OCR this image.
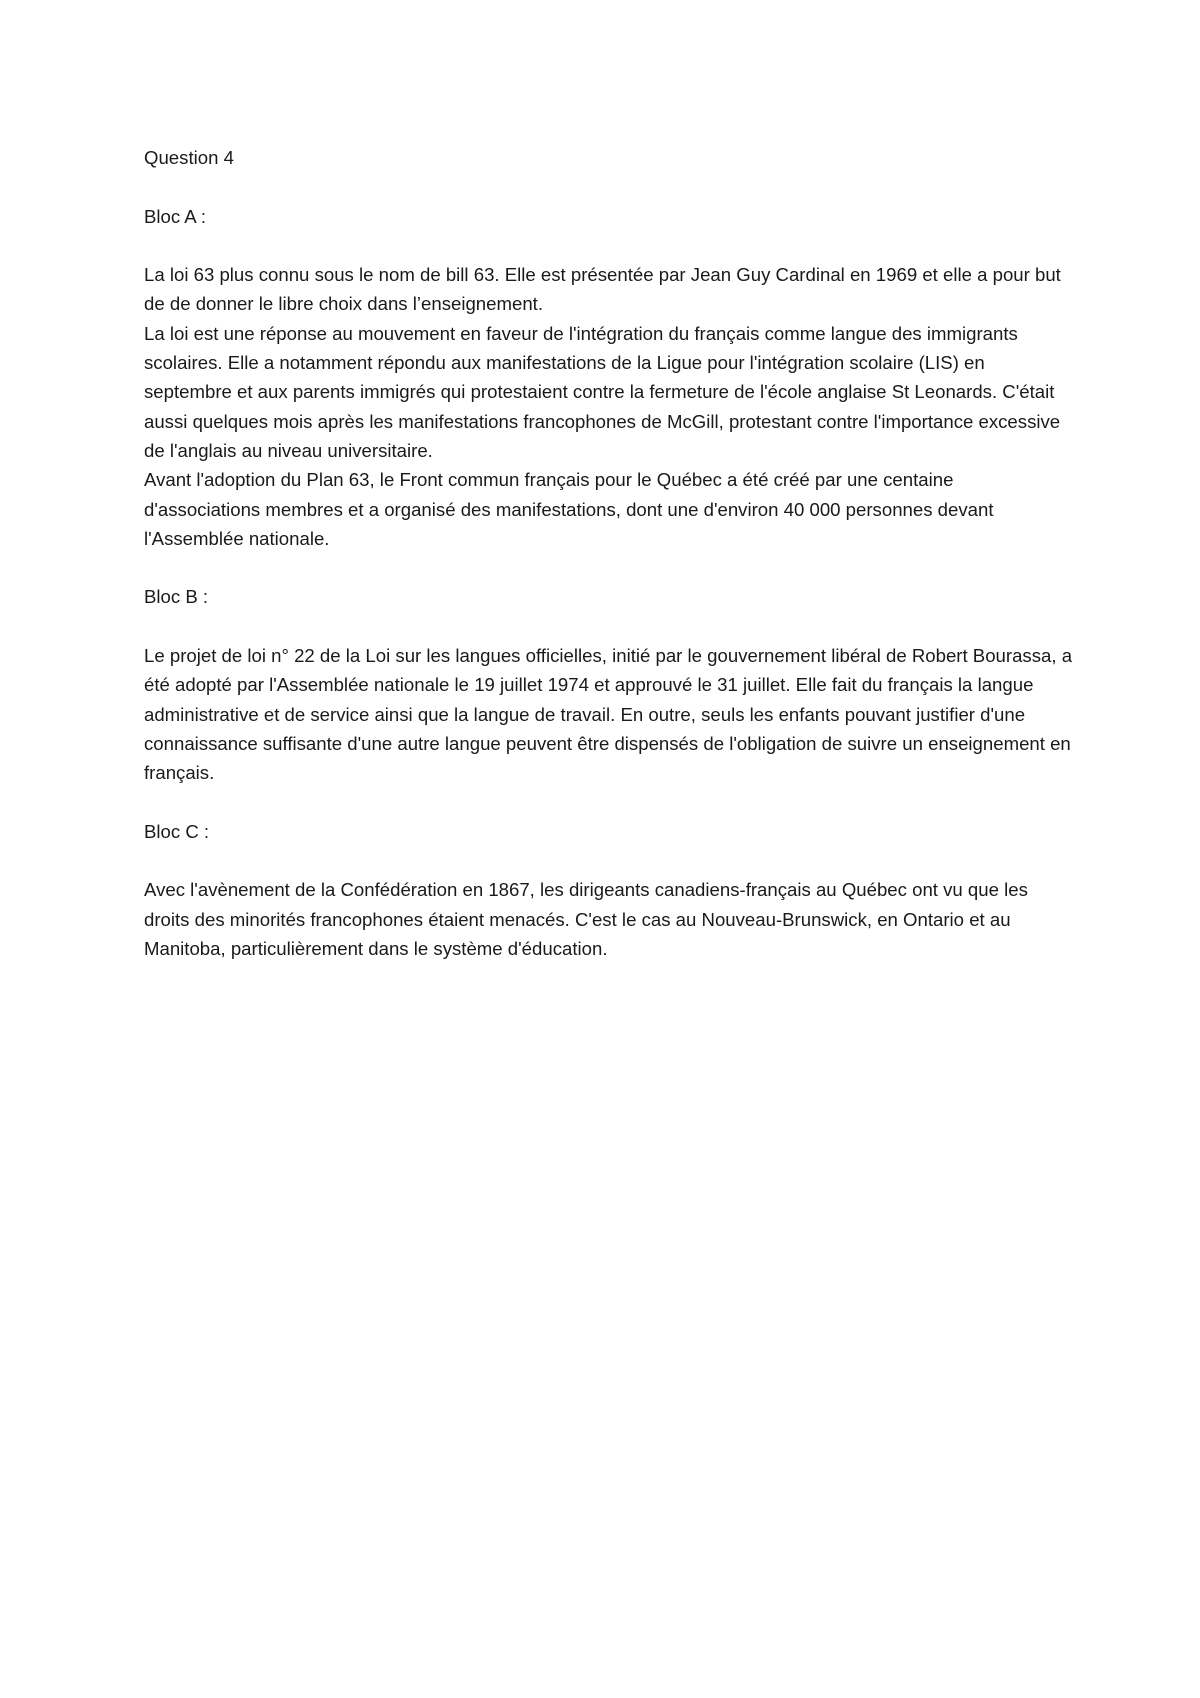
Question 4

Bloc A :

La loi 63 plus connu sous le nom de bill 63. Elle est présentée par Jean Guy Cardinal en 1969 et elle a pour but de de donner le libre choix dans l’enseignement.

La loi est une réponse au mouvement en faveur de l'intégration du français comme langue des immigrants scolaires. Elle a notamment répondu aux manifestations de la Ligue pour l'intégration scolaire (LIS) en septembre et aux parents immigrés qui protestaient contre la fermeture de l'école anglaise St Leonards. C'était aussi quelques mois après les manifestations francophones de McGill, protestant contre l'importance excessive de l'anglais au niveau universitaire.

Avant l'adoption du Plan 63, le Front commun français pour le Québec a été créé par une centaine d'associations membres et a organisé des manifestations, dont une d'environ 40 000 personnes devant l'Assemblée nationale.

Bloc B :

Le projet de loi n° 22 de la Loi sur les langues officielles, initié par le gouvernement libéral de Robert Bourassa, a été adopté par l'Assemblée nationale le 19 juillet 1974 et approuvé le 31 juillet. Elle fait du français la langue administrative et de service ainsi que la langue de travail. En outre, seuls les enfants pouvant justifier d'une connaissance suffisante d'une autre langue peuvent être dispensés de l'obligation de suivre un enseignement en français.

Bloc C :

Avec l'avènement de la Confédération en 1867, les dirigeants canadiens-français au Québec ont vu que les droits des minorités francophones étaient menacés. C'est le cas au Nouveau-Brunswick, en Ontario et au Manitoba, particulièrement dans le système d'éducation.
